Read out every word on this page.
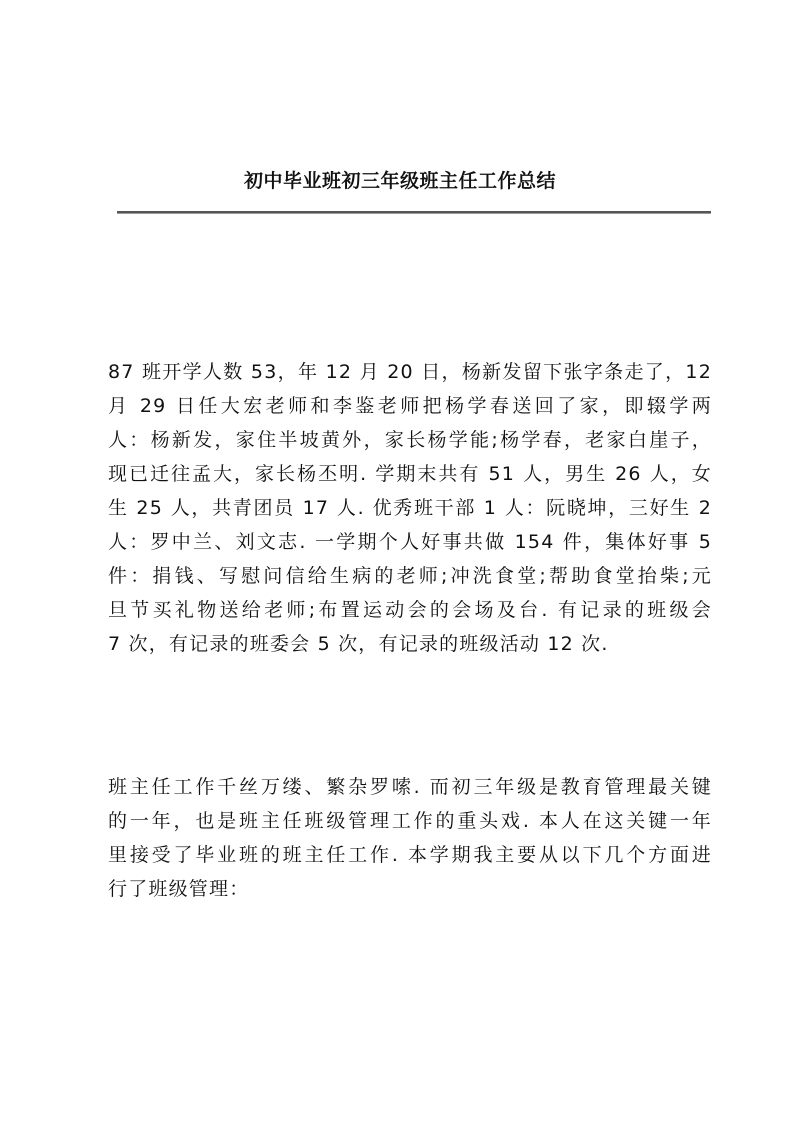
初中毕业班初三年级班主任工作总结
87 班开学人数 53，年 12 月 20 日，杨新发留下张字条走了，12
月 29 日任大宏老师和李鉴老师把杨学春送回了家，即辍学两
人：杨新发，家住半坡黄外，家长杨学能;杨学春，老家白崖子，
现已迁往孟大，家长杨丕明. 学期末共有 51 人，男生 26 人，女
生 25 人，共青团员 17 人. 优秀班干部 1 人：阮晓坤，三好生 2
人：罗中兰、刘文志. 一学期个人好事共做 154 件，集体好事 5
件：捐钱、写慰问信给生病的老师;冲洗食堂;帮助食堂抬柴;元
旦节买礼物送给老师;布置运动会的会场及台. 有记录的班级会
7 次，有记录的班委会 5 次，有记录的班级活动 12 次.
班主任工作千丝万缕、繁杂罗嗦. 而初三年级是教育管理最关键
的一年，也是班主任班级管理工作的重头戏. 本人在这关键一年
里接受了毕业班的班主任工作. 本学期我主要从以下几个方面进
行了班级管理：
